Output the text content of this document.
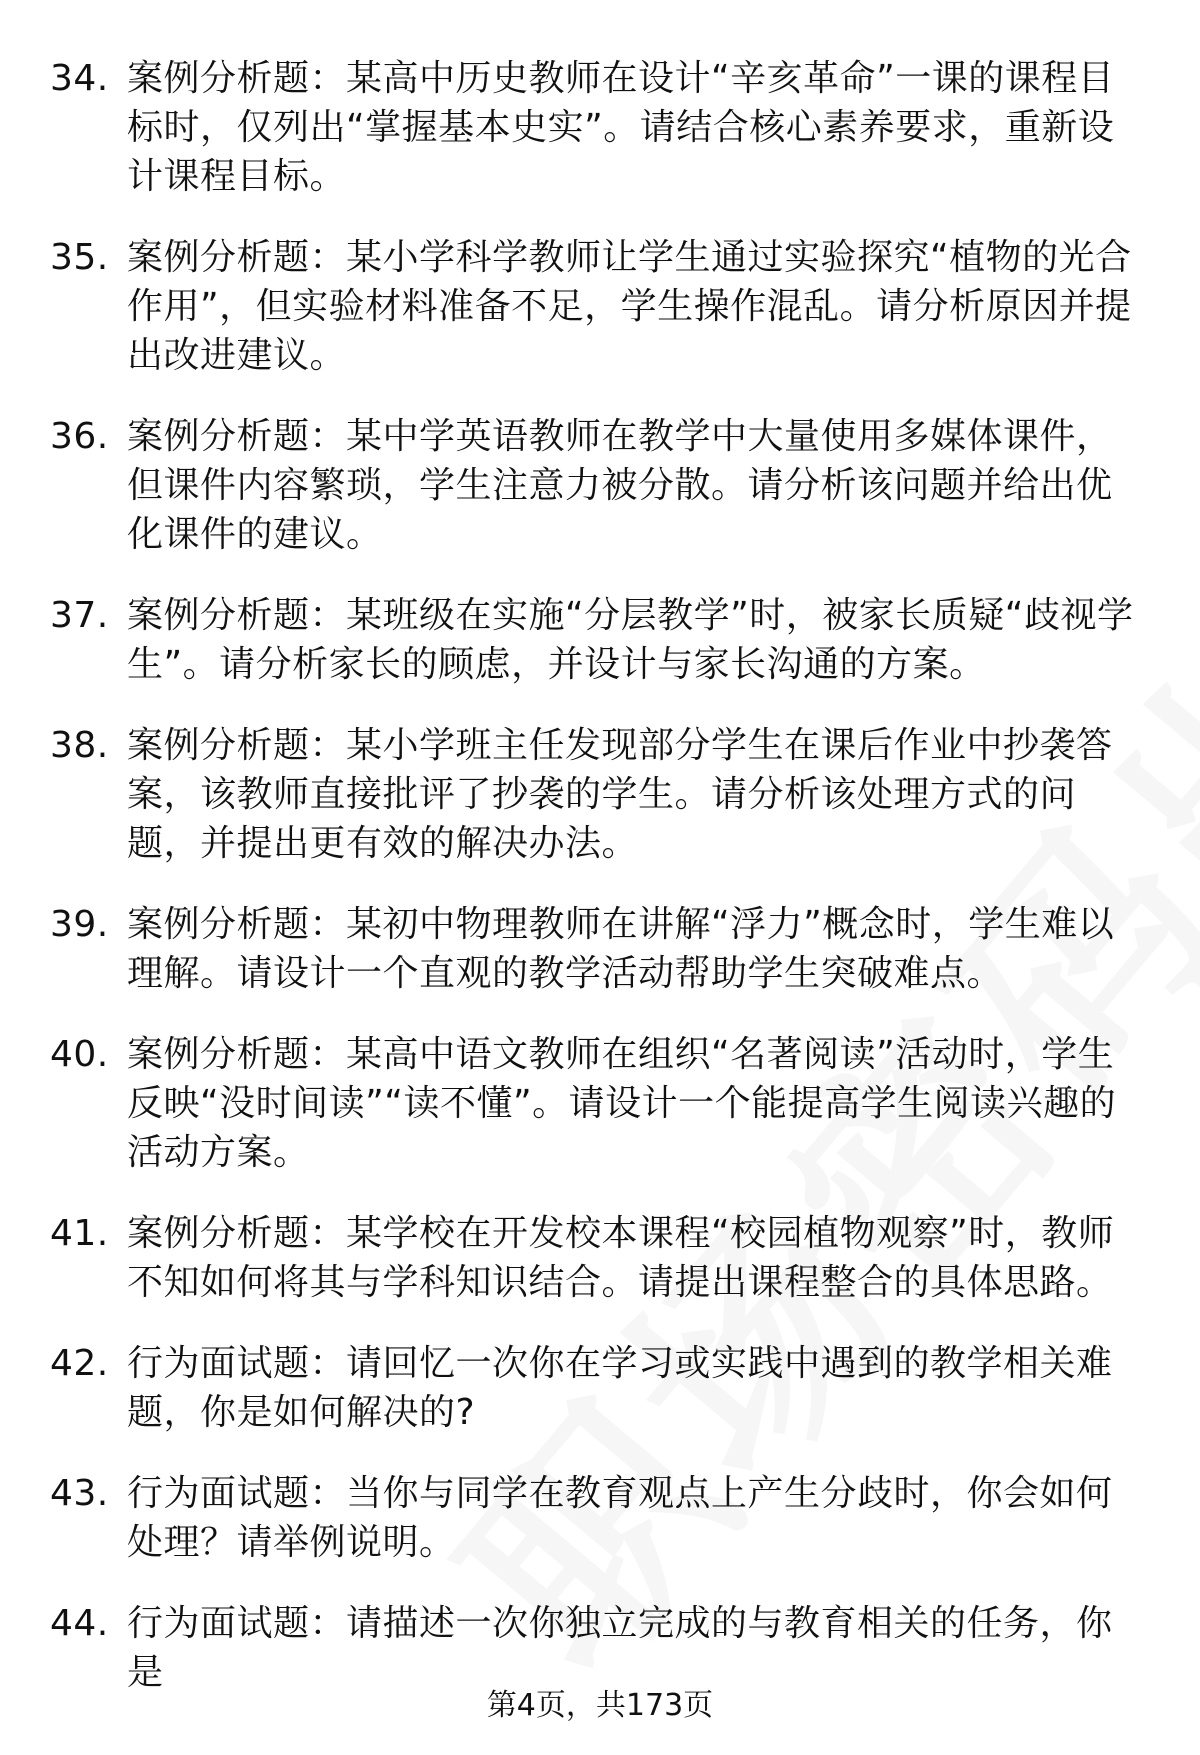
34. 案例分析题：某高中历史教师在设计“辛亥革命”一课的课程目标时，仅列出“掌握基本史实”。请结合核心素养要求，重新设计课程目标。
35. 案例分析题：某小学科学教师让学生通过实验探究“植物的光合作用”，但实验材料准备不足，学生操作混乱。请分析原因并提出改进建议。
36. 案例分析题：某中学英语教师在教学中大量使用多媒体课件，但课件内容繁琐，学生注意力被分散。请分析该问题并给出优化课件的建议。
37. 案例分析题：某班级在实施“分层教学”时，被家长质疑“歧视学生”。请分析家长的顾虑，并设计与家长沟通的方案。
38. 案例分析题：某小学班主任发现部分学生在课后作业中抄袭答案，该教师直接批评了抄袭的学生。请分析该处理方式的问题，并提出更有效的解决办法。
39. 案例分析题：某初中物理教师在讲解“浮力”概念时，学生难以理解。请设计一个直观的教学活动帮助学生突破难点。
40. 案例分析题：某高中语文教师在组织“名著阅读”活动时，学生反映“没时间读”“读不懂”。请设计一个能提高学生阅读兴趣的活动方案。
41. 案例分析题：某学校在开发校本课程“校园植物观察”时，教师不知如何将其与学科知识结合。请提出课程整合的具体思路。
42. 行为面试题：请回忆一次你在学习或实践中遇到的教学相关难题，你是如何解决的?
43. 行为面试题：当你与同学在教育观点上产生分歧时，你会如何处理？请举例说明。
44. 行为面试题：请描述一次你独立完成的与教育相关的任务，你是
第4页，共173页
